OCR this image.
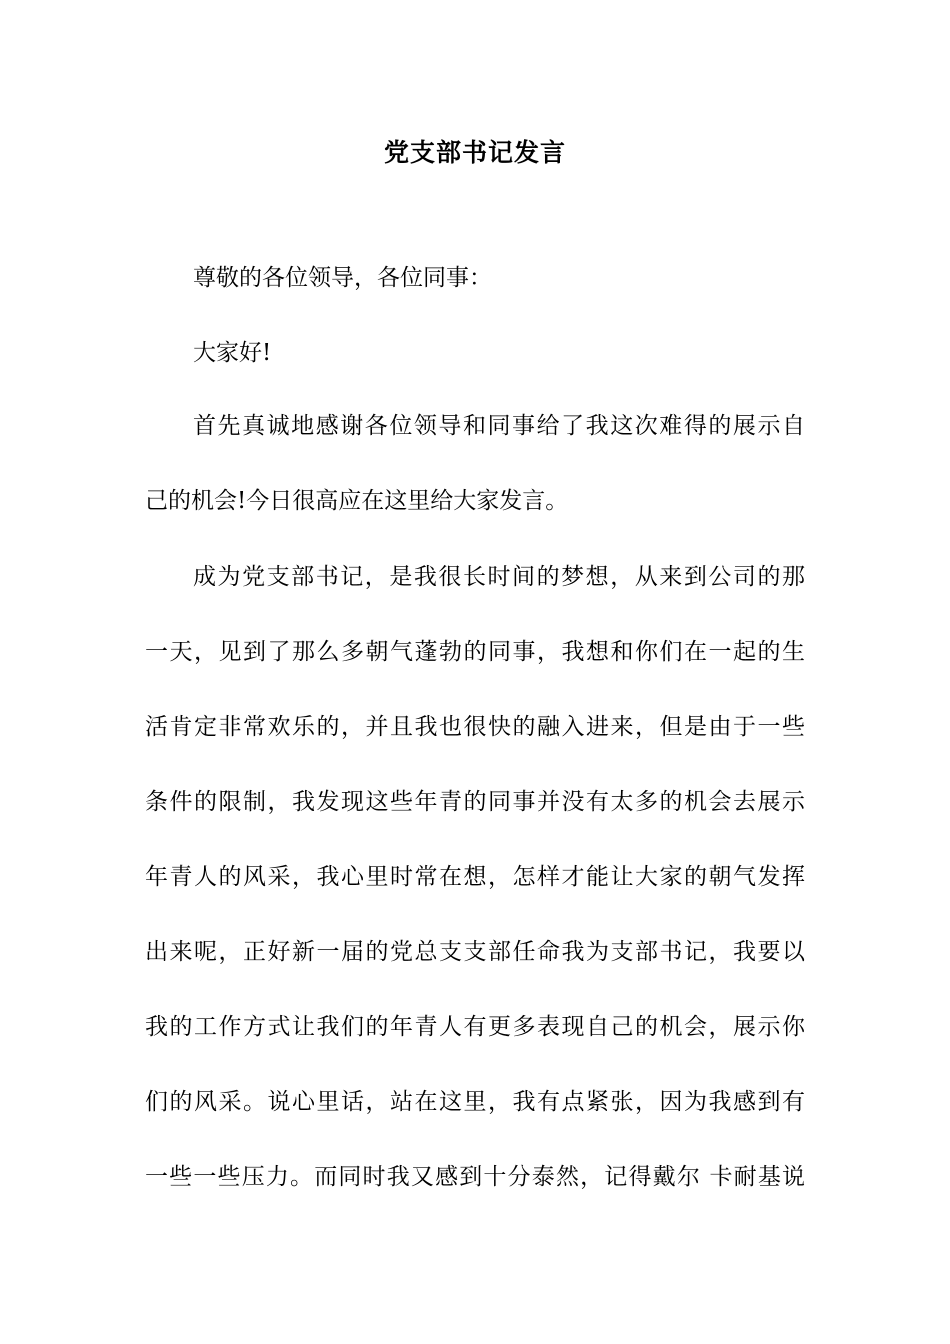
党支部书记发言

尊敬的各位领导，各位同事：

大家好!

首先真诚地感谢各位领导和同事给了我这次难得的展示自

己的机会!今日很高应在这里给大家发言。

成为党支部书记，是我很长时间的梦想，从来到公司的那

一天，见到了那么多朝气蓬勃的同事，我想和你们在一起的生

活肯定非常欢乐的，并且我也很快的融入进来，但是由于一些

条件的限制，我发现这些年青的同事并没有太多的机会去展示

年青人的风采，我心里时常在想，怎样才能让大家的朝气发挥

出来呢，正好新一届的党总支支部任命我为支部书记，我要以

我的工作方式让我们的年青人有更多表现自己的机会，展示你

们的风采。说心里话，站在这里，我有点紧张，因为我感到有

一些一些压力。而同时我又感到十分泰然，记得戴尔 卡耐基说
